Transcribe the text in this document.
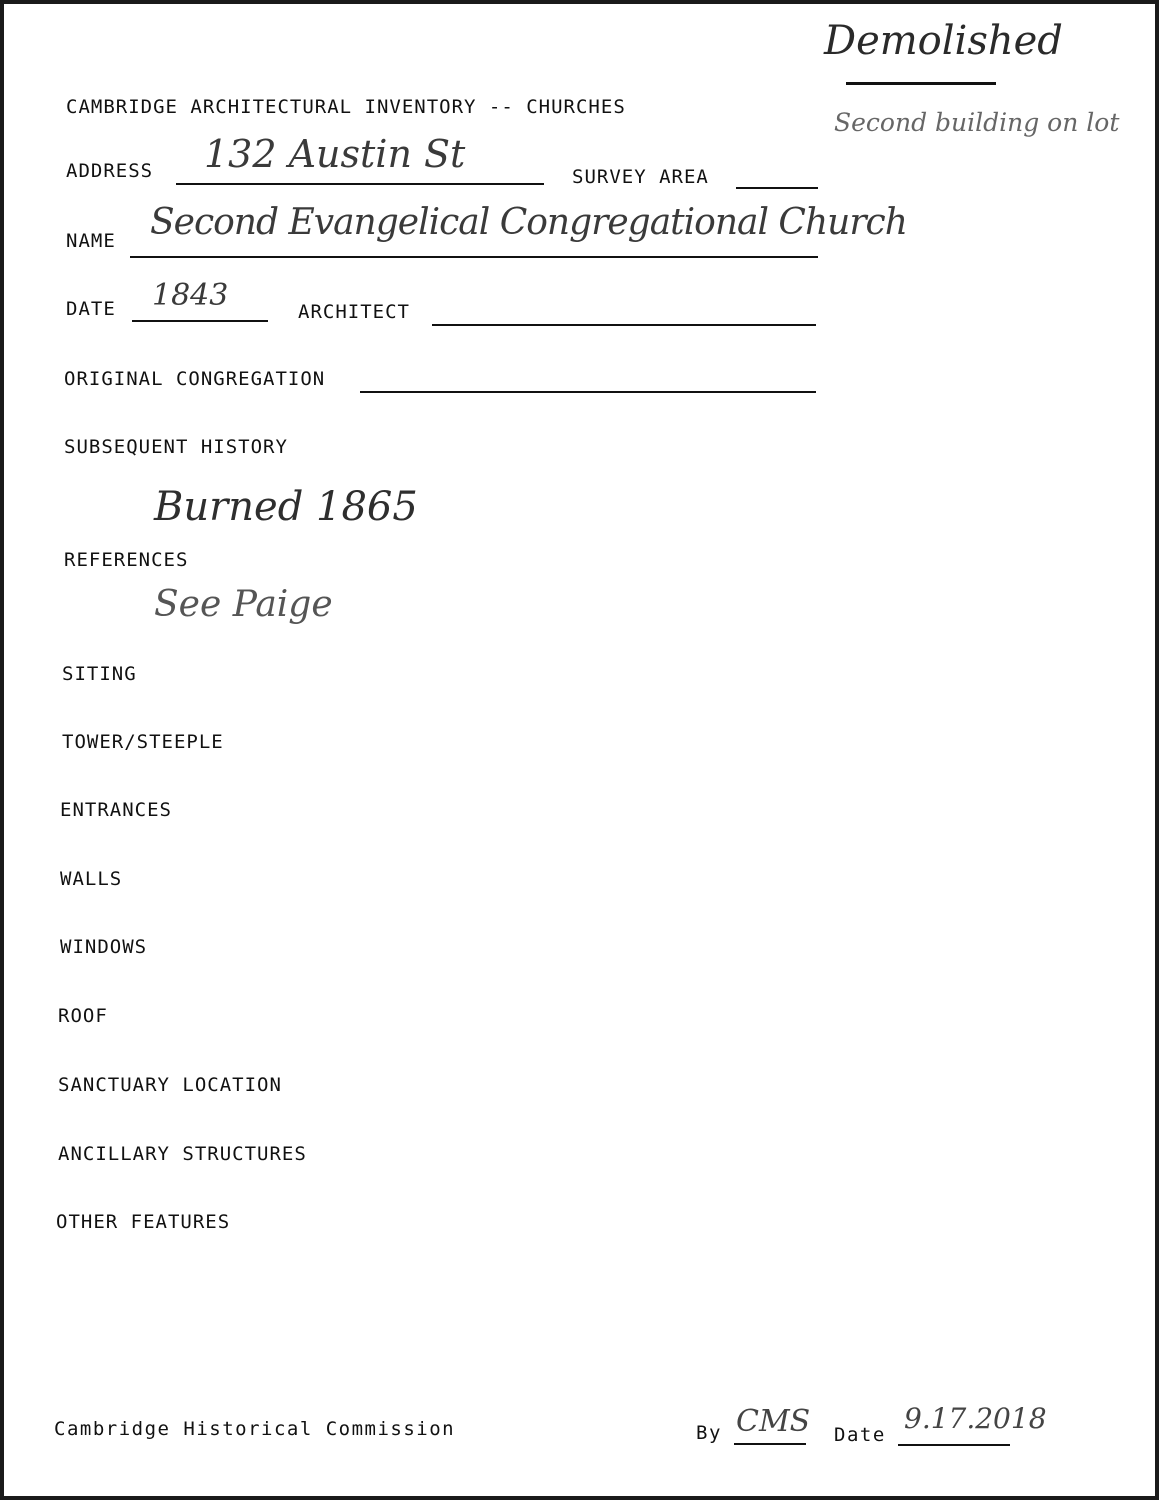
Demolished
Second building on lot
CAMBRIDGE ARCHITECTURAL INVENTORY -- CHURCHES
ADDRESS 132 Austin St
SURVEY AREA
NAME Second Evangelical Congregational Church
DATE 1843	ARCHITECT
ORIGINAL CONGREGATION
SUBSEQUENT HISTORY
Burned 1865
REFERENCES
See Paige
SITING
TOWER/STEEPLE
ENTRANCES
WALLS
WINDOWS
ROOF
SANCTUARY LOCATION
ANCILLARY STRUCTURES
OTHER FEATURES
Cambridge Historical Commission	By CMS Date 9.17.2018
